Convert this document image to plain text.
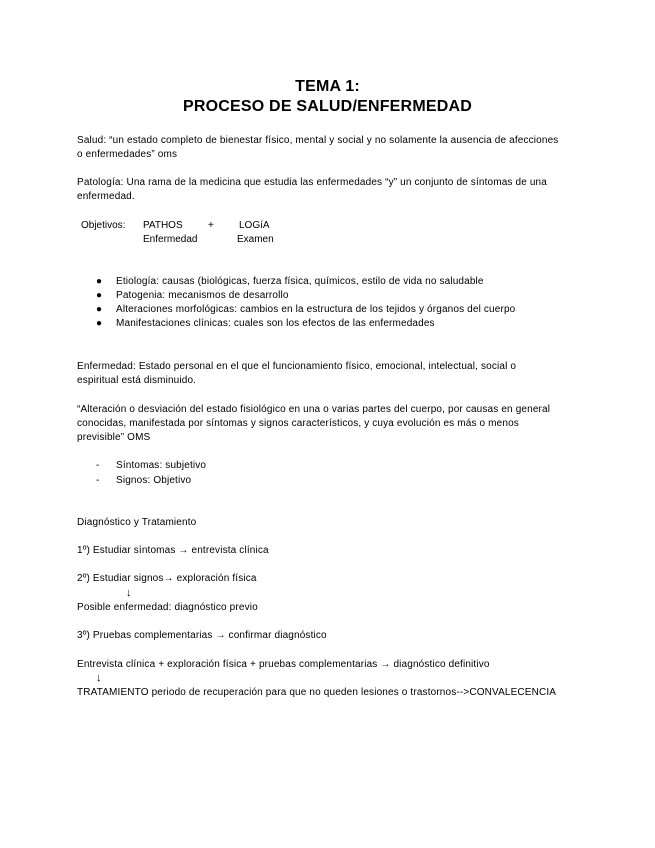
TEMA 1:
PROCESO DE SALUD/ENFERMEDAD
Salud: “un estado completo de bienestar físico, mental y social y no solamente la ausencia de afecciones
o enfermedades” oms
Patología: Una rama de la medicina que estudia las enfermedades “y” un conjunto de síntomas de una
enfermedad.
Objetivos: PATHOS	+	LOGíA
Enfermedad	Examen
● Etiología: causas (biológicas, fuerza física, químicos, estilo de vida no saludable
● Patogenia: mecanismos de desarrollo
● Alteraciones morfológicas: cambios en la estructura de los tejidos y órganos del cuerpo
● Manifestaciones clínicas: cuales son los efectos de las enfermedades
Enfermedad: Estado personal en el que el funcionamiento físico, emocional, intelectual, social o
espiritual está disminuido.
“Alteración o desviación del estado fisiológico en una o varias partes del cuerpo, por causas en general
conocidas, manifestada por síntomas y signos característicos, y cuya evolución es más o menos
previsible” OMS
- Síntomas: subjetivo
- Signos: Objetivo
Diagnóstico y Tratamiento
1º) Estudiar síntomas → entrevista clínica
2º) Estudiar signos→ exploración física
↓
Posible enfermedad: diagnóstico previo
3º) Pruebas complementarias → confirmar diagnóstico
Entrevista clínica + exploración física + pruebas complementarias → diagnóstico definitivo
↓
TRATAMIENTO periodo de recuperación para que no queden lesiones o trastornos-->CONVALECENCIA
